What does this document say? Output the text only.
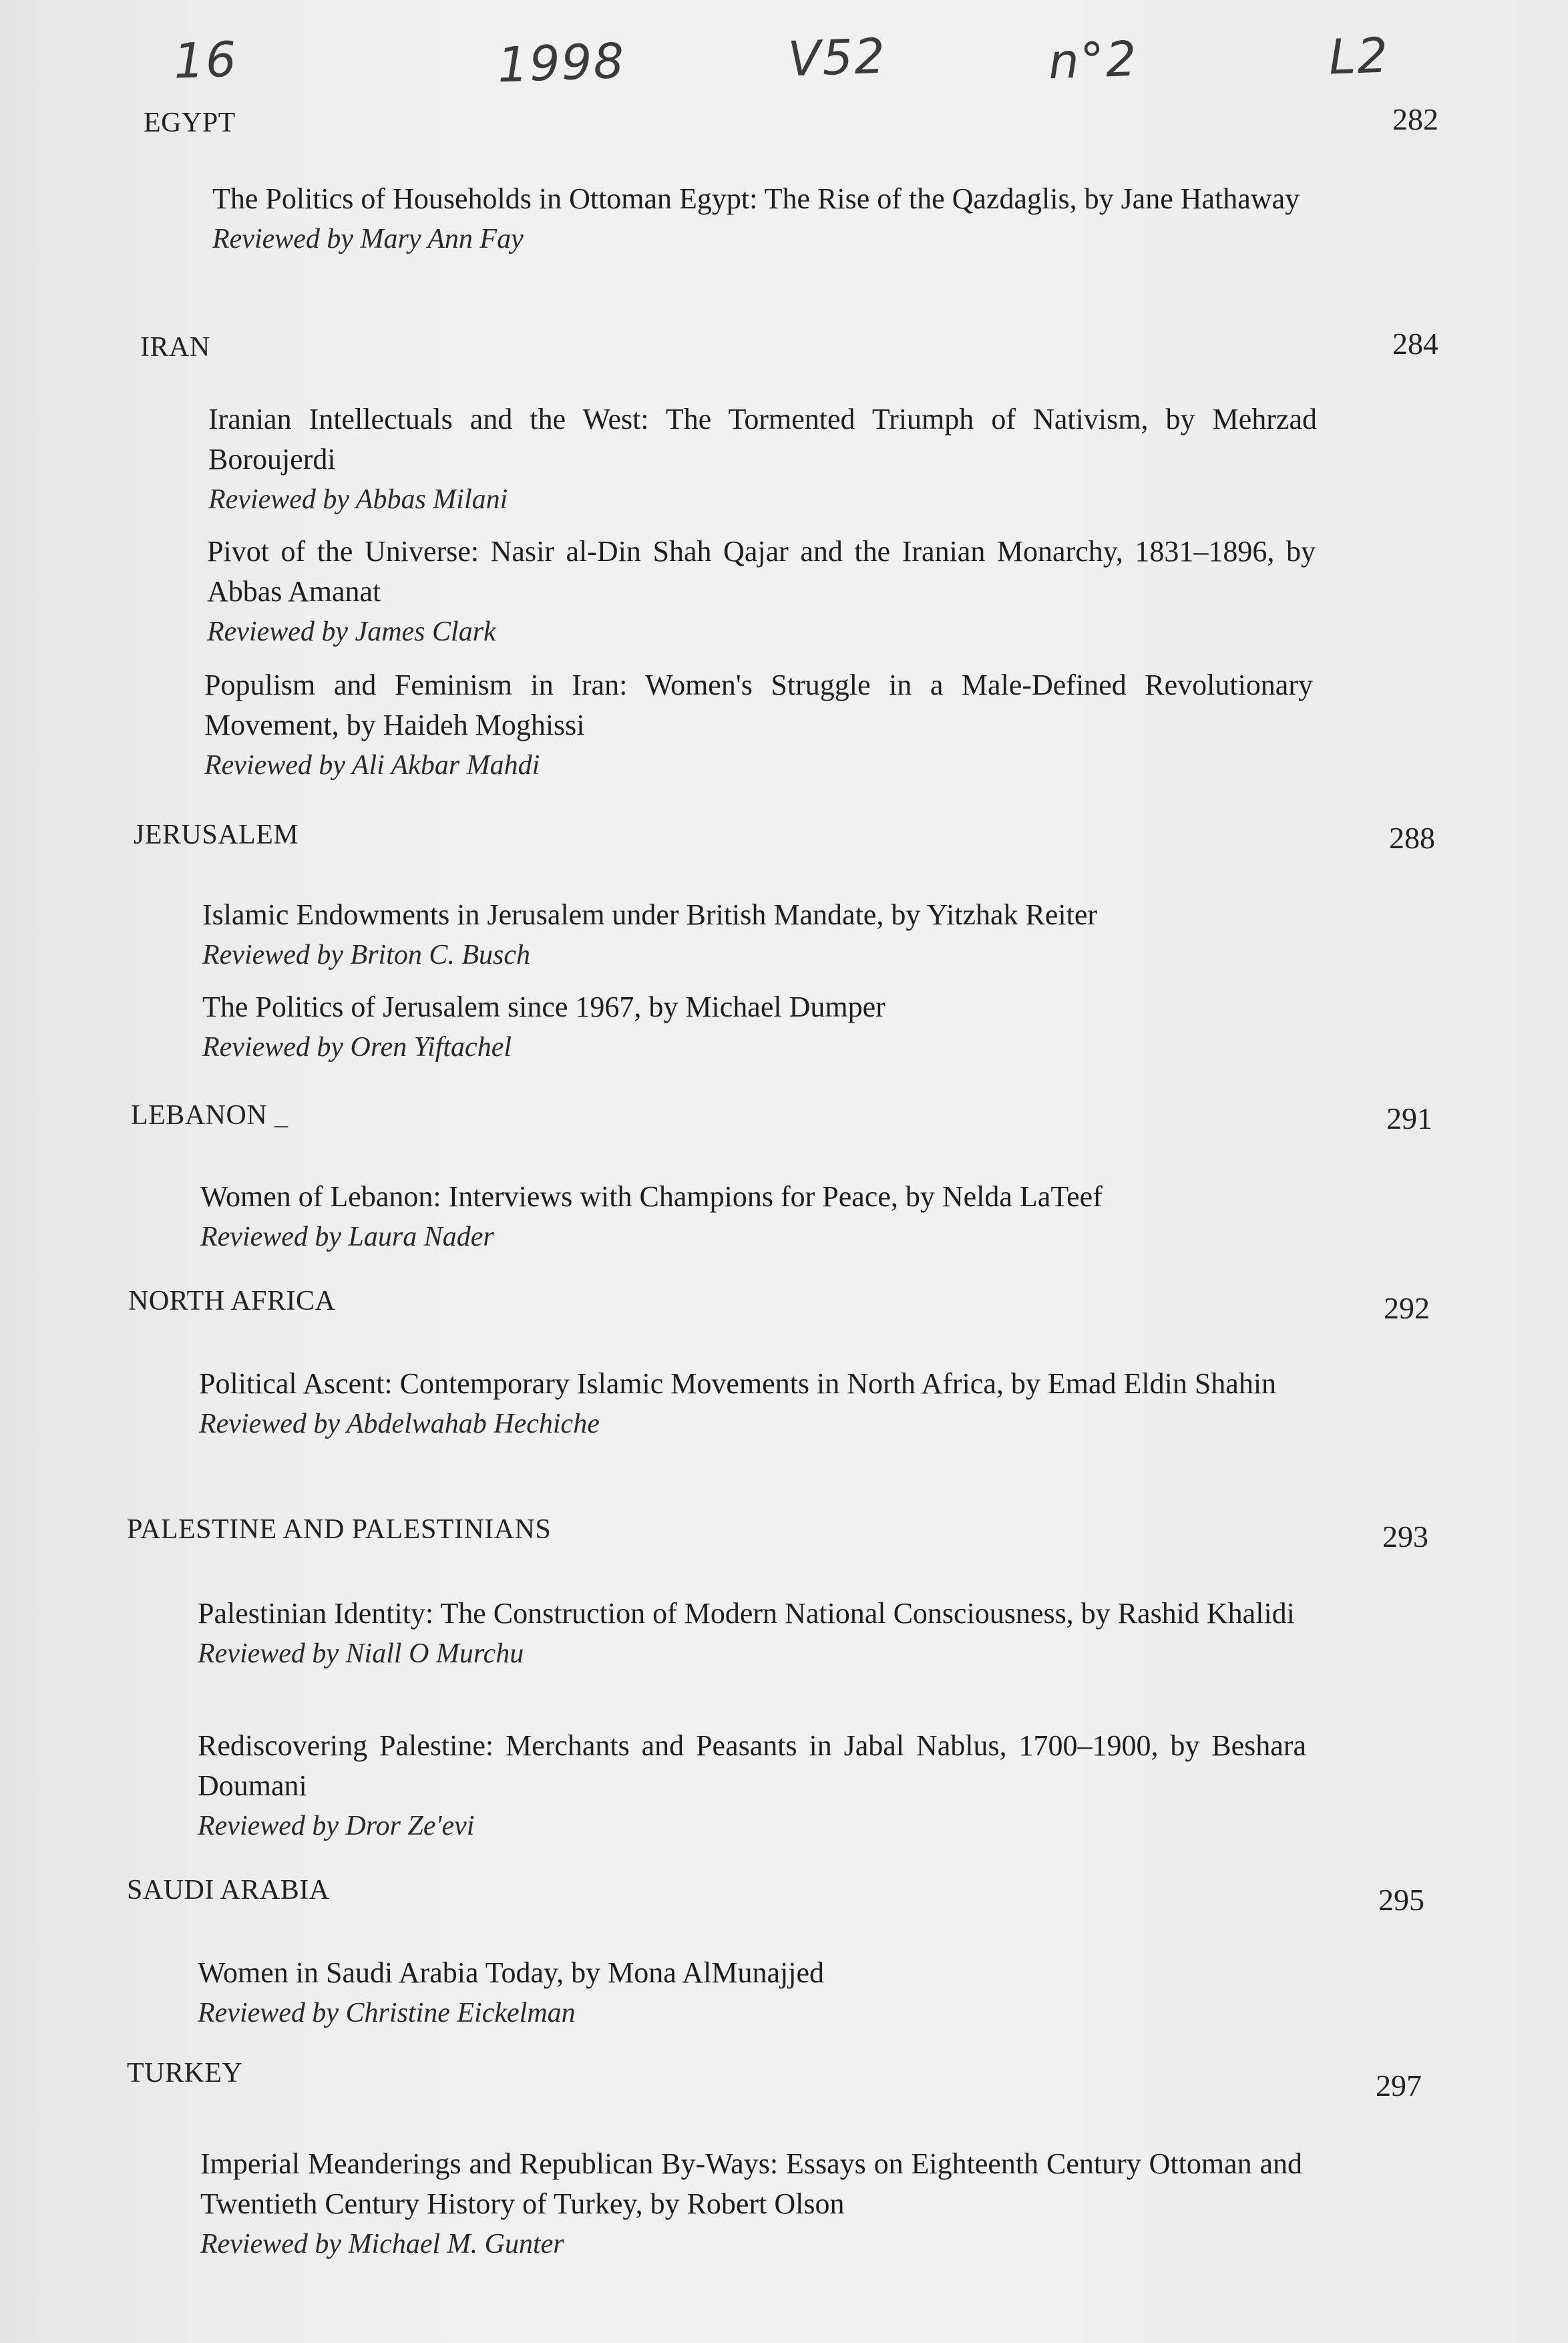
16	1998	V52	n°2	L2
EGYPT	282
The Politics of Households in Ottoman Egypt: The Rise of the Qazdaglis, by Jane Hathaway
Reviewed by Mary Ann Fay
IRAN	284
Iranian Intellectuals and the West: The Tormented Triumph of Nativism, by Mehrzad Boroujerdi
Reviewed by Abbas Milani
Pivot of the Universe: Nasir al-Din Shah Qajar and the Iranian Monarchy, 1831–1896, by Abbas Amanat
Reviewed by James Clark
Populism and Feminism in Iran: Women's Struggle in a Male-Defined Revolutionary Movement, by Haideh Moghissi
Reviewed by Ali Akbar Mahdi
JERUSALEM	288
Islamic Endowments in Jerusalem under British Mandate, by Yitzhak Reiter
Reviewed by Briton C. Busch
The Politics of Jerusalem since 1967, by Michael Dumper
Reviewed by Oren Yiftachel
LEBANON _	291
Women of Lebanon: Interviews with Champions for Peace, by Nelda LaTeef
Reviewed by Laura Nader
NORTH AFRICA	292
Political Ascent: Contemporary Islamic Movements in North Africa, by Emad Eldin Shahin
Reviewed by Abdelwahab Hechiche
PALESTINE AND PALESTINIANS	293
Palestinian Identity: The Construction of Modern National Consciousness, by Rashid Khalidi
Reviewed by Niall O Murchu
Rediscovering Palestine: Merchants and Peasants in Jabal Nablus, 1700–1900, by Beshara Doumani
Reviewed by Dror Ze'evi
SAUDI ARABIA	295
Women in Saudi Arabia Today, by Mona AlMunajjed
Reviewed by Christine Eickelman
TURKEY	297
Imperial Meanderings and Republican By-Ways: Essays on Eighteenth Century Ottoman and Twentieth Century History of Turkey, by Robert Olson
Reviewed by Michael M. Gunter
